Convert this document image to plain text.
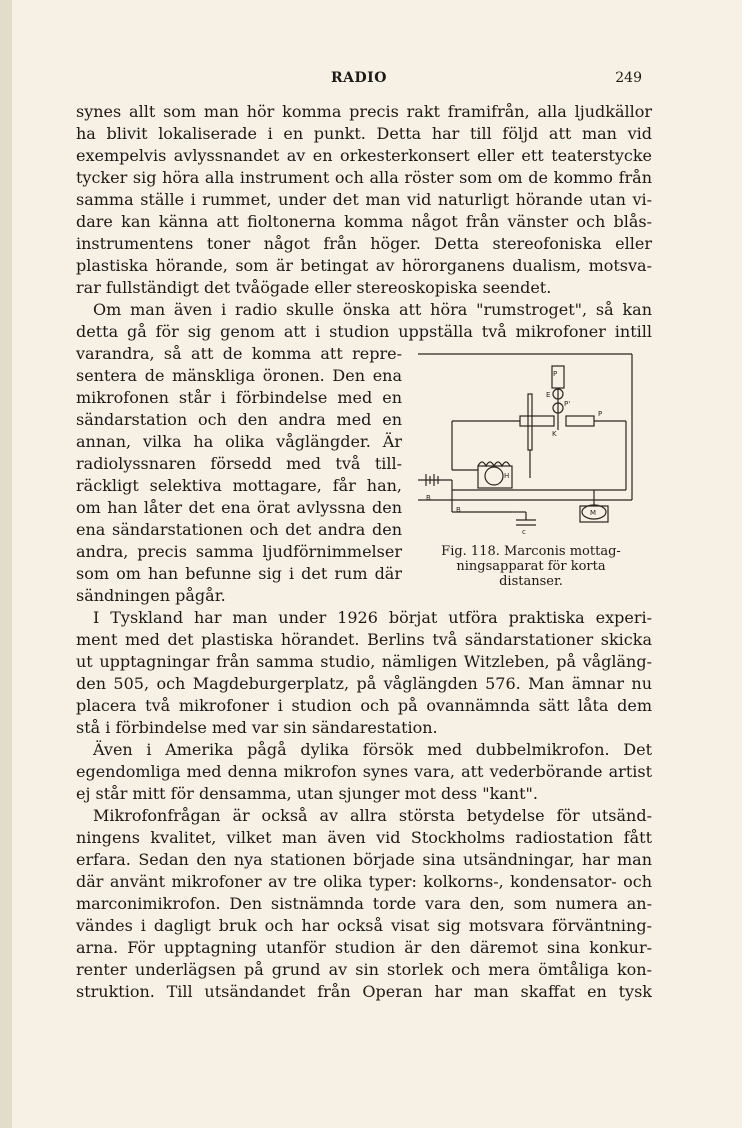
RADIO	249
synes allt som man hör komma precis rakt framifrån, alla ljudkällor
ha blivit lokaliserade i en punkt. Detta har till följd att man vid
exempelvis avlyssnandet av en orkesterkonsert eller ett teaterstycke
tycker sig höra alla instrument och alla röster som om de kommo från
samma ställe i rummet, under det man vid naturligt hörande utan vi-
dare kan känna att fioltonerna komma något från vänster och blås-
instrumentens toner något från höger. Detta stereofoniska eller
plastiska hörande, som är betingat av hörorganens dualism, motsva-
rar fullständigt det tvåögade eller stereoskopiska seendet.
Om man även i radio skulle önska att höra "rumstroget", så kan
detta gå för sig genom att i studion uppställa två mikrofoner intill
varandra, så att de komma att repre-
sentera de mänskliga öronen. Den ena
mikrofonen står i förbindelse med en
sändarstation och den andra med en
annan, vilka ha olika våglängder. Är
radiolyssnaren försedd med två till-
räckligt selektiva mottagare, får han,
om han låter det ena örat avlyssna den
ena sändarstationen och det andra den
andra, precis samma ljudförnimmelser
som om han befunne sig i det rum där
sändningen pågår.
I Tyskland har man under 1926 börjat utföra praktiska experi-
ment med det plastiska hörandet. Berlins två sändarstationer skicka
ut upptagningar från samma studio, nämligen Witzleben, på vågläng-
den 505, och Magdeburgerplatz, på våglängden 576. Man ämnar nu
placera två mikrofoner i studion och på ovannämnda sätt låta dem
stå i förbindelse med var sin sändarestation.
Även i Amerika pågå dylika försök med dubbelmikrofon. Det
egendomliga med denna mikrofon synes vara, att vederbörande artist
ej står mitt för densamma, utan sjunger mot dess "kant".
Mikrofonfrågan är också av allra största betydelse för utsänd-
ningens kvalitet, vilket man även vid Stockholms radiostation fått
erfara. Sedan den nya stationen började sina utsändningar, har man
där använt mikrofoner av tre olika typer: kolkorns-, kondensator- och
marconimikrofon. Den sistnämnda torde vara den, som numera an-
vändes i dagligt bruk och har också visat sig motsvara förväntning-
arna. För upptagning utanför studion är den däremot sina konkur-
renter underlägsen på grund av sin storlek och mera ömtåliga kon-
struktion. Till utsändandet från Operan har man skaffat en tysk
P
E
P'
P
K
M
B
B
c
H
Fig. 118. Marconis mottag-
ningsapparat för korta
distanser.
